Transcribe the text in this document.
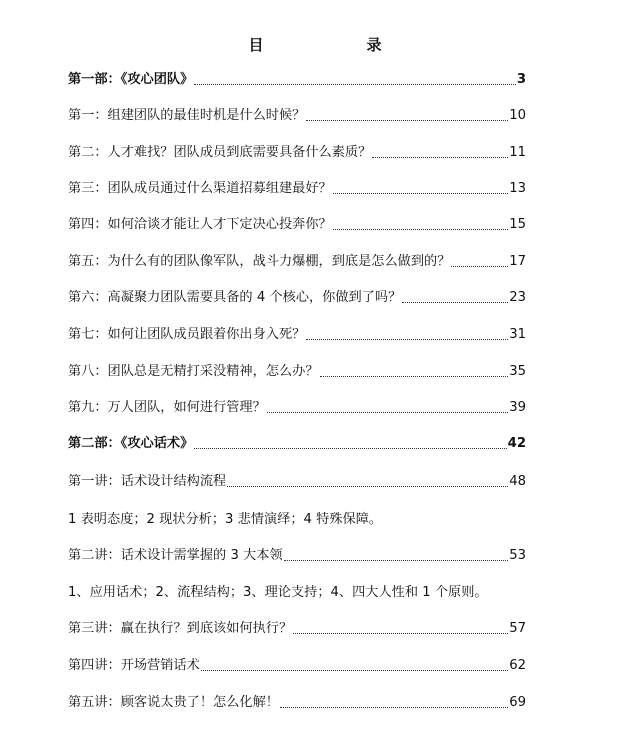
目　录
第一部：《攻心团队》	3
第一：组建团队的最佳时机是什么时候？	10
第二：人才难找？团队成员到底需要具备什么素质？	11
第三：团队成员通过什么渠道招募组建最好？	13
第四：如何洽谈才能让人才下定决心投奔你？	15
第五：为什么有的团队像军队，战斗力爆棚，到底是怎么做到的？	17
第六：高凝聚力团队需要具备的 4 个核心，你做到了吗？	23
第七：如何让团队成员跟着你出身入死？	31
第八：团队总是无精打采没精神，怎么办？	35
第九：万人团队，如何进行管理？	39
第二部：《攻心话术》	42
第一讲：话术设计结构流程	48
1 表明态度；2 现状分析；3 悲情演绎；4 特殊保障。
第二讲：话术设计需掌握的 3 大本领	53
1、应用话术；2、流程结构；3、理论支持；4、四大人性和 1 个原则。
第三讲：赢在执行？到底该如何执行？	57
第四讲：开场营销话术	62
第五讲：顾客说太贵了！怎么化解！	69
